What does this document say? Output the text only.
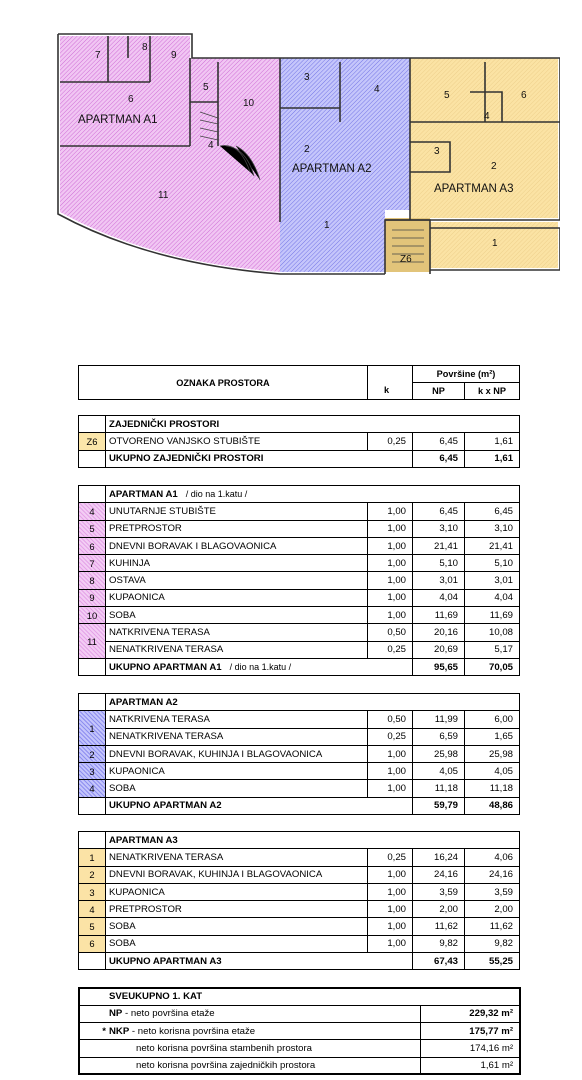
7
8
9
5
6	10
4
APARTMAN A1
11
3
4
2
APARTMAN A2
1
Z6
5	6
4
3
2
APARTMAN A3
1
OZNAKA PROSTORA		Površine (m²)	
		NP	k x NP
k
	ZAJEDNIČKI PROSTORI			
Z6	OTVORENO VANJSKO STUBIŠTE	0,25	6,45	1,61
	UKUPNO ZAJEDNIČKI PROSTORI		6,45	1,61
	APARTMAN A1 / dio na 1.katu /			
4	UNUTARNJE STUBIŠTE	1,00	6,45	6,45
5	PRETPROSTOR	1,00	3,10	3,10
6	DNEVNI BORAVAK I BLAGOVAONICA	1,00	21,41	21,41
7	KUHINJA	1,00	5,10	5,10
8	OSTAVA	1,00	3,01	3,01
9	KUPAONICA	1,00	4,04	4,04
10	SOBA	1,00	11,69	11,69
11	NATKRIVENA TERASA	0,50	20,16	10,08
	NENATKRIVENA TERASA	0,25	20,69	5,17
	UKUPNO APARTMAN A1 / dio na 1.katu /		95,65	70,05
	APARTMAN A2			
1	NATKRIVENA TERASA	0,50	11,99	6,00
	NENATKRIVENA TERASA	0,25	6,59	1,65
2	DNEVNI BORAVAK, KUHINJA I BLAGOVAONICA	1,00	25,98	25,98
3	KUPAONICA	1,00	4,05	4,05
4	SOBA	1,00	11,18	11,18
	UKUPNO APARTMAN A2		59,79	48,86
	APARTMAN A3			
1	NENATKRIVENA TERASA	0,25	16,24	4,06
2	DNEVNI BORAVAK, KUHINJA I BLAGOVAONICA	1,00	24,16	24,16
3	KUPAONICA	1,00	3,59	3,59
4	PRETPROSTOR	1,00	2,00	2,00
5	SOBA	1,00	11,62	11,62
6	SOBA	1,00	9,82	9,82
	UKUPNO APARTMAN A3		67,43	55,25
	SVEUKUPNO 1. KAT	
	NP - neto površina etaže	229,32 m²
*	NKP - neto korisna površina etaže	175,77 m²
	neto korisna površina stambenih prostora	174,16 m²
	neto korisna površina zajedničkih prostora	1,61 m²
